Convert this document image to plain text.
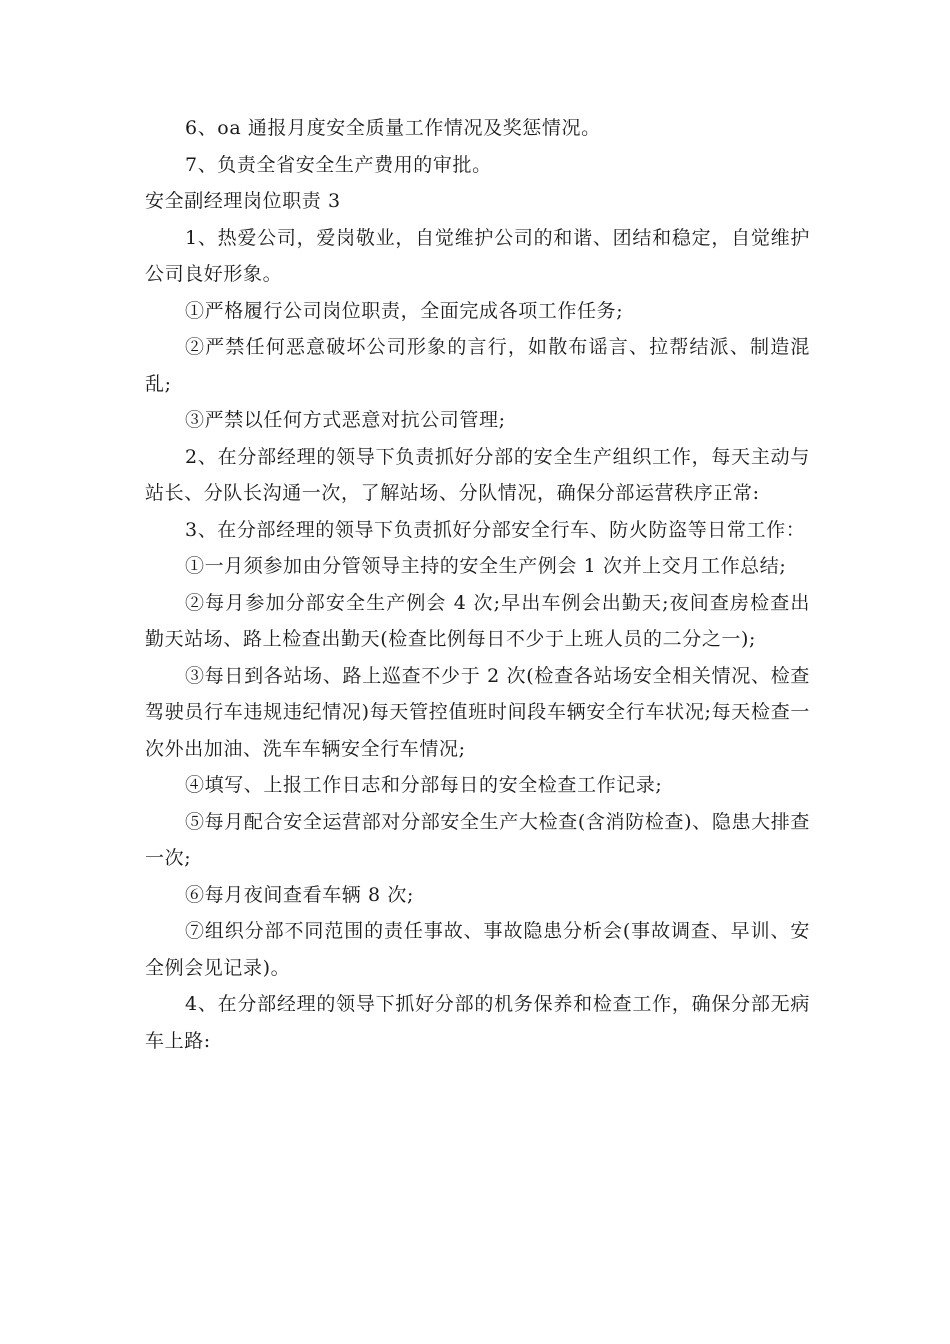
6、oa 通报月度安全质量工作情况及奖惩情况。

7、负责全省安全生产费用的审批。

安全副经理岗位职责 3

1、热爱公司，爱岗敬业，自觉维护公司的和谐、团结和稳定，自觉维护公司良好形象。

①严格履行公司岗位职责，全面完成各项工作任务;

②严禁任何恶意破坏公司形象的言行，如散布谣言、拉帮结派、制造混乱;

③严禁以任何方式恶意对抗公司管理;

2、在分部经理的领导下负责抓好分部的安全生产组织工作，每天主动与站长、分队长沟通一次，了解站场、分队情况，确保分部运营秩序正常:

3、在分部经理的领导下负责抓好分部安全行车、防火防盗等日常工作：

①一月须参加由分管领导主持的安全生产例会 1 次并上交月工作总结;

②每月参加分部安全生产例会 4 次;早出车例会出勤天;夜间查房检查出勤天站场、路上检查出勤天(检查比例每日不少于上班人员的二分之一);

③每日到各站场、路上巡查不少于 2 次(检查各站场安全相关情况、检查驾驶员行车违规违纪情况)每天管控值班时间段车辆安全行车状况;每天检查一次外出加油、洗车车辆安全行车情况;

④填写、上报工作日志和分部每日的安全检查工作记录;

⑤每月配合安全运营部对分部安全生产大检查(含消防检查)、隐患大排查一次;

⑥每月夜间查看车辆 8 次;

⑦组织分部不同范围的责任事故、事故隐患分析会(事故调查、早训、安全例会见记录)。

4、在分部经理的领导下抓好分部的机务保养和检查工作，确保分部无病车上路:
